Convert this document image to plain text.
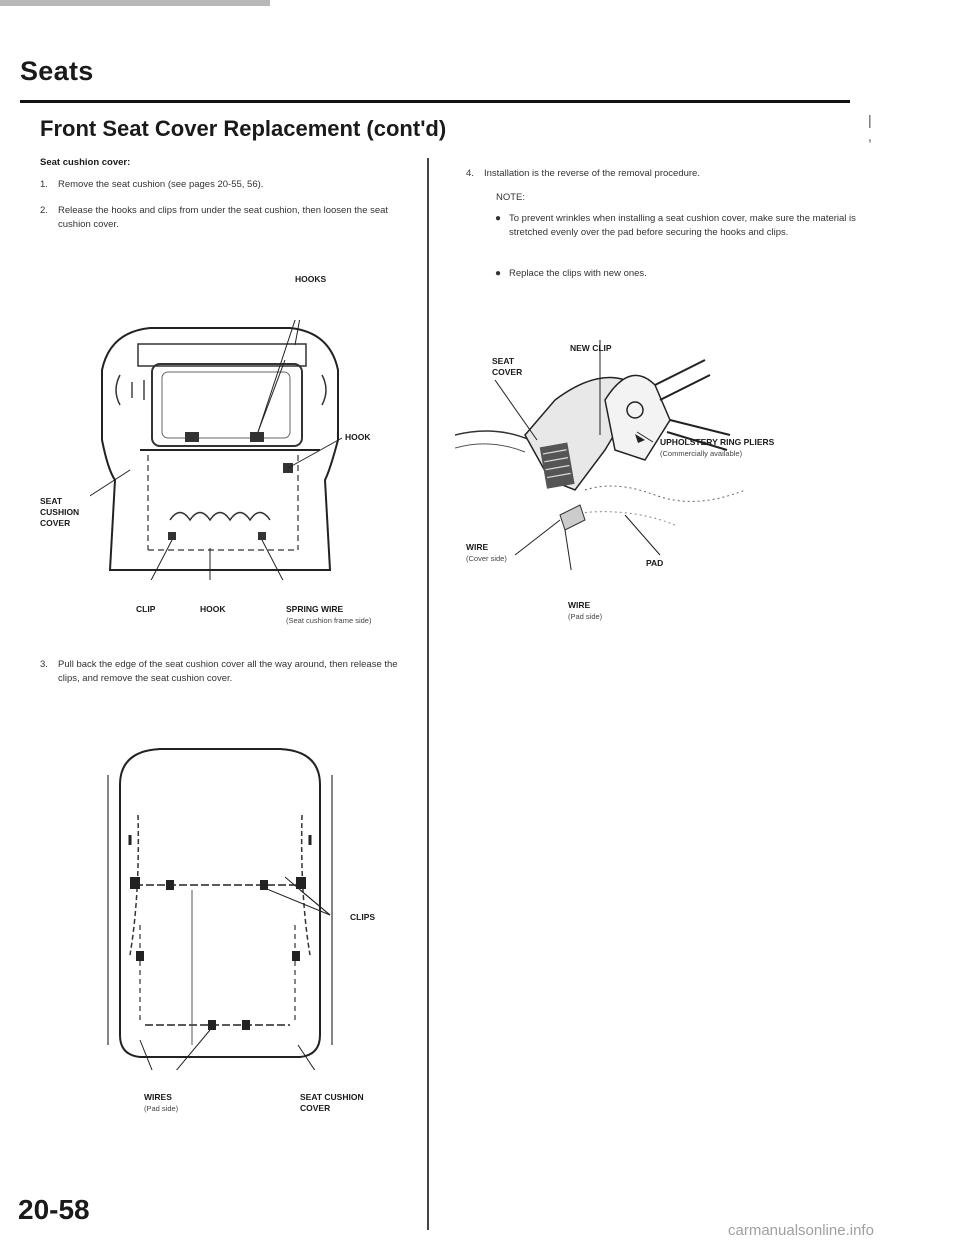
Seats
Front Seat Cover Replacement (cont'd)	| ,
Seat cushion cover:
1. Remove the seat cushion (see pages 20-55, 56).
2. Release the hooks and clips from under the seat cushion, then loosen the seat cushion cover.
HOOKS
HOOK
SEAT
CUSHION
COVER
CLIP	HOOK	SPRING WIRE
(Seat cushion frame side)
3. Pull back the edge of the seat cushion cover all the way around, then release the clips, and remove the seat cushion cover.
CLIPS
WIRES
(Pad side)
SEAT CUSHION
COVER
4. Installation is the reverse of the removal procedure.
NOTE:
● To prevent wrinkles when installing a seat cushion cover, make sure the material is stretched evenly over the pad before securing the hooks and clips.
● Replace the clips with new ones.
NEW CLIP
SEAT
COVER
UPHOLSTERY RING PLIERS
(Commercially available)
WIRE
(Cover side)	PAD
WIRE
(Pad side)
20-58
carmanualsonline.info
